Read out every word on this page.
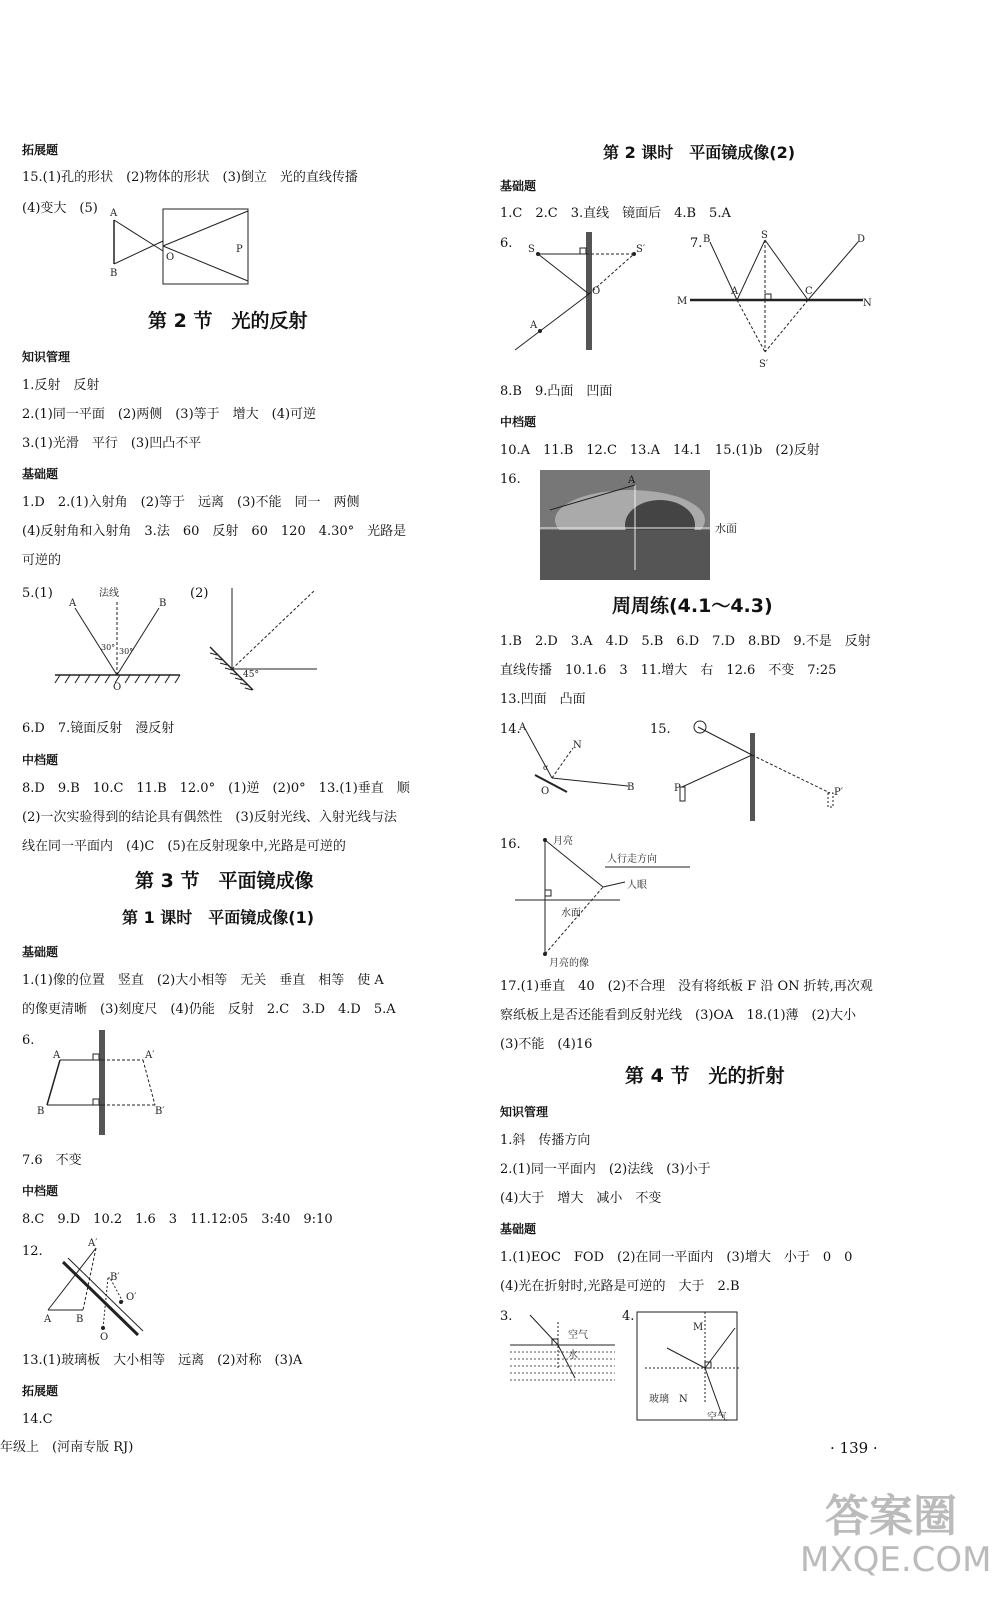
拓展题
15.(1)孔的形状　(2)物体的形状　(3)倒立　光的直线传播
(4)变大　(5) A
B
O
P
第 2 节　光的反射
知识管理
1.反射　反射
2.(1)同一平面　(2)两侧　(3)等于　增大　(4)可逆
3.(1)光滑　平行　(3)凹凸不平
基础题
1.D　2.(1)入射角　(2)等于　远离　(3)不能　同一　两侧
(4)反射角和入射角　3.法　60　反射　60　120　4.30°　光路是
可逆的
5.(1)	(2)
A	B
O
法线
30° 30°
45°
6.D　7.镜面反射　漫反射
中档题
8.D　9.B　10.C　11.B　12.0°　(1)逆　(2)0°　13.(1)垂直　顺
(2)一次实验得到的结论具有偶然性　(3)反射光线、入射光线与法
线在同一平面内　(4)C　(5)在反射现象中,光路是可逆的
第 3 节　平面镜成像
第 1 课时　平面镜成像(1)
基础题
1.(1)像的位置　竖直　(2)大小相等　无关　垂直　相等　使 A
的像更清晰　(3)刻度尺　(4)仍能　反射　2.C　3.D　4.D　5.A
6.
A	A′
B	B′
7.6　不变
中档题
8.C　9.D　10.2　1.6　3　11.12:05　3:40　9:10
12.
A′
B′
O′
A B
O
13.(1)玻璃板　大小相等　远离　(2)对称　(3)A
拓展题
14.C
年级上　(河南专版 RJ)
第 2 课时　平面镜成像(2)
基础题
1.C　2.C　3.直线　镜面后　4.B　5.A
6.	7.
S	S′
O
A
B	S	D
M	N
A	C
S′
8.B　9.凸面　凹面
中档题
10.A　11.B　12.C　13.A　14.1　15.(1)b　(2)反射
16.	A
水面
周周练(4.1～4.3)
1.B　2.D　3.A　4.D　5.B　6.D　7.D　8.BD　9.不是　反射
直线传播　10.1.6　3　11.增大　右　12.6　不变　7:25
13.凹面　凸面
14.	15.
A
N
α
O	B	P	P′
16.	月亮
人行走方向
人眼
水面
月亮的像
17.(1)垂直　40　(2)不合理　没有将纸板 F 沿 ON 折转,再次观
察纸板上是否还能看到反射光线　(3)OA　18.(1)薄　(2)大小
(3)不能　(4)16
第 4 节　光的折射
知识管理
1.斜　传播方向
2.(1)同一平面内　(2)法线　(3)小于
(4)大于　增大　减小　不变
基础题
1.(1)EOC　FOD　(2)在同一平面内　(3)增大　小于　0　0
(4)光在折射时,光路是可逆的　大于　2.B
3.	4.
空气
水
M
玻璃 N
空气
· 139 ·
答案圈
MXQE.COM
